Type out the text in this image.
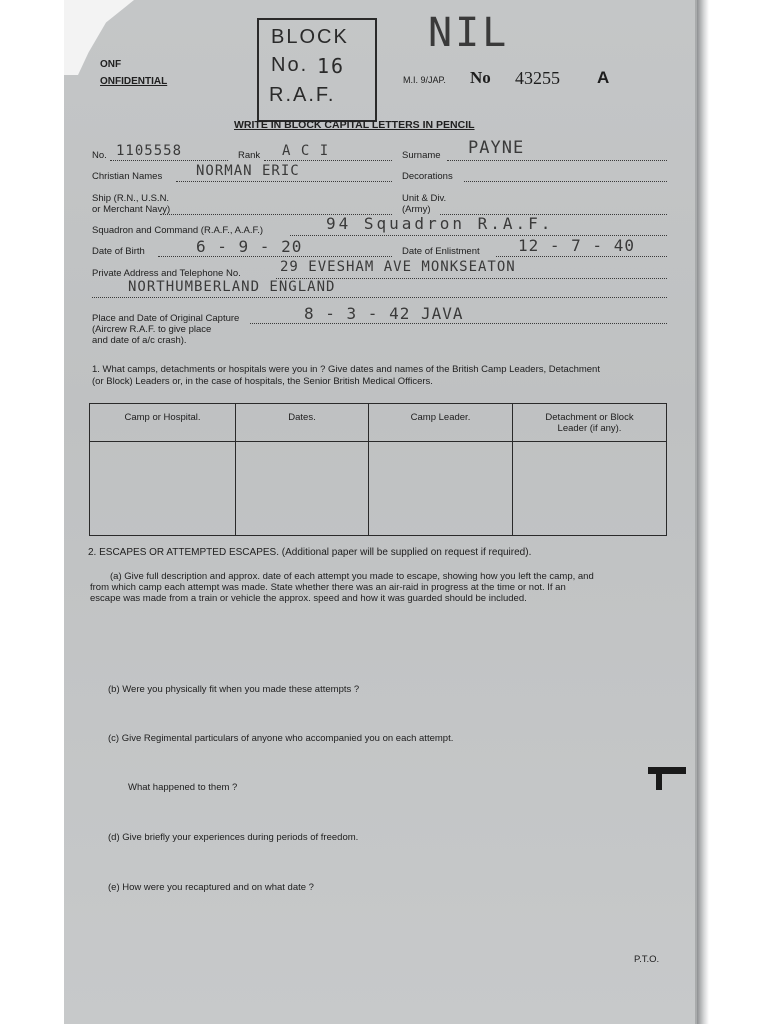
ONF
ONFIDENTIAL
BLOCK
No. 16
R.A.F.
NIL
M.I. 9/JAP. No 43255 A
WRITE IN BLOCK CAPITAL LETTERS IN PENCIL
No. 1105558	Rank A C I	Surname PAYNE
Christian Names NORMAN ERIC	Decorations
Ship (R.N., U.S.N.
or Merchant Navy)
Unit & Div.
(Army)
Squadron and Command (R.A.F., A.A.F.)	94 Squadron R.A.F.
Date of Birth	6 - 9 - 20	Date of Enlistment 12 - 7 - 40
Private Address and Telephone No.	29 EVESHAM AVE MONKSEATON
NORTHUMBERLAND ENGLAND
Place and Date of Original Capture
(Aircrew R.A.F. to give place
and date of a/c crash).
8 - 3 - 42 JAVA
1. What camps, detachments or hospitals were you in ? Give dates and names of the British Camp Leaders, Detachment
(or Block) Leaders or, in the case of hospitals, the Senior British Medical Officers.
Camp or Hospital.	Dates.	Camp Leader.	Detachment or Block
Leader (if any).

2. ESCAPES OR ATTEMPTED ESCAPES. (Additional paper will be supplied on request if required).
(a) Give full description and approx. date of each attempt you made to escape, showing how you left the camp, and
from which camp each attempt was made. State whether there was an air-raid in progress at the time or not. If an
escape was made from a train or vehicle the approx. speed and how it was guarded should be included.
(b) Were you physically fit when you made these attempts ?
(c) Give Regimental particulars of anyone who accompanied you on each attempt.
What happened to them ?
(d) Give briefly your experiences during periods of freedom.
(e) How were you recaptured and on what date ?
P.T.O.
